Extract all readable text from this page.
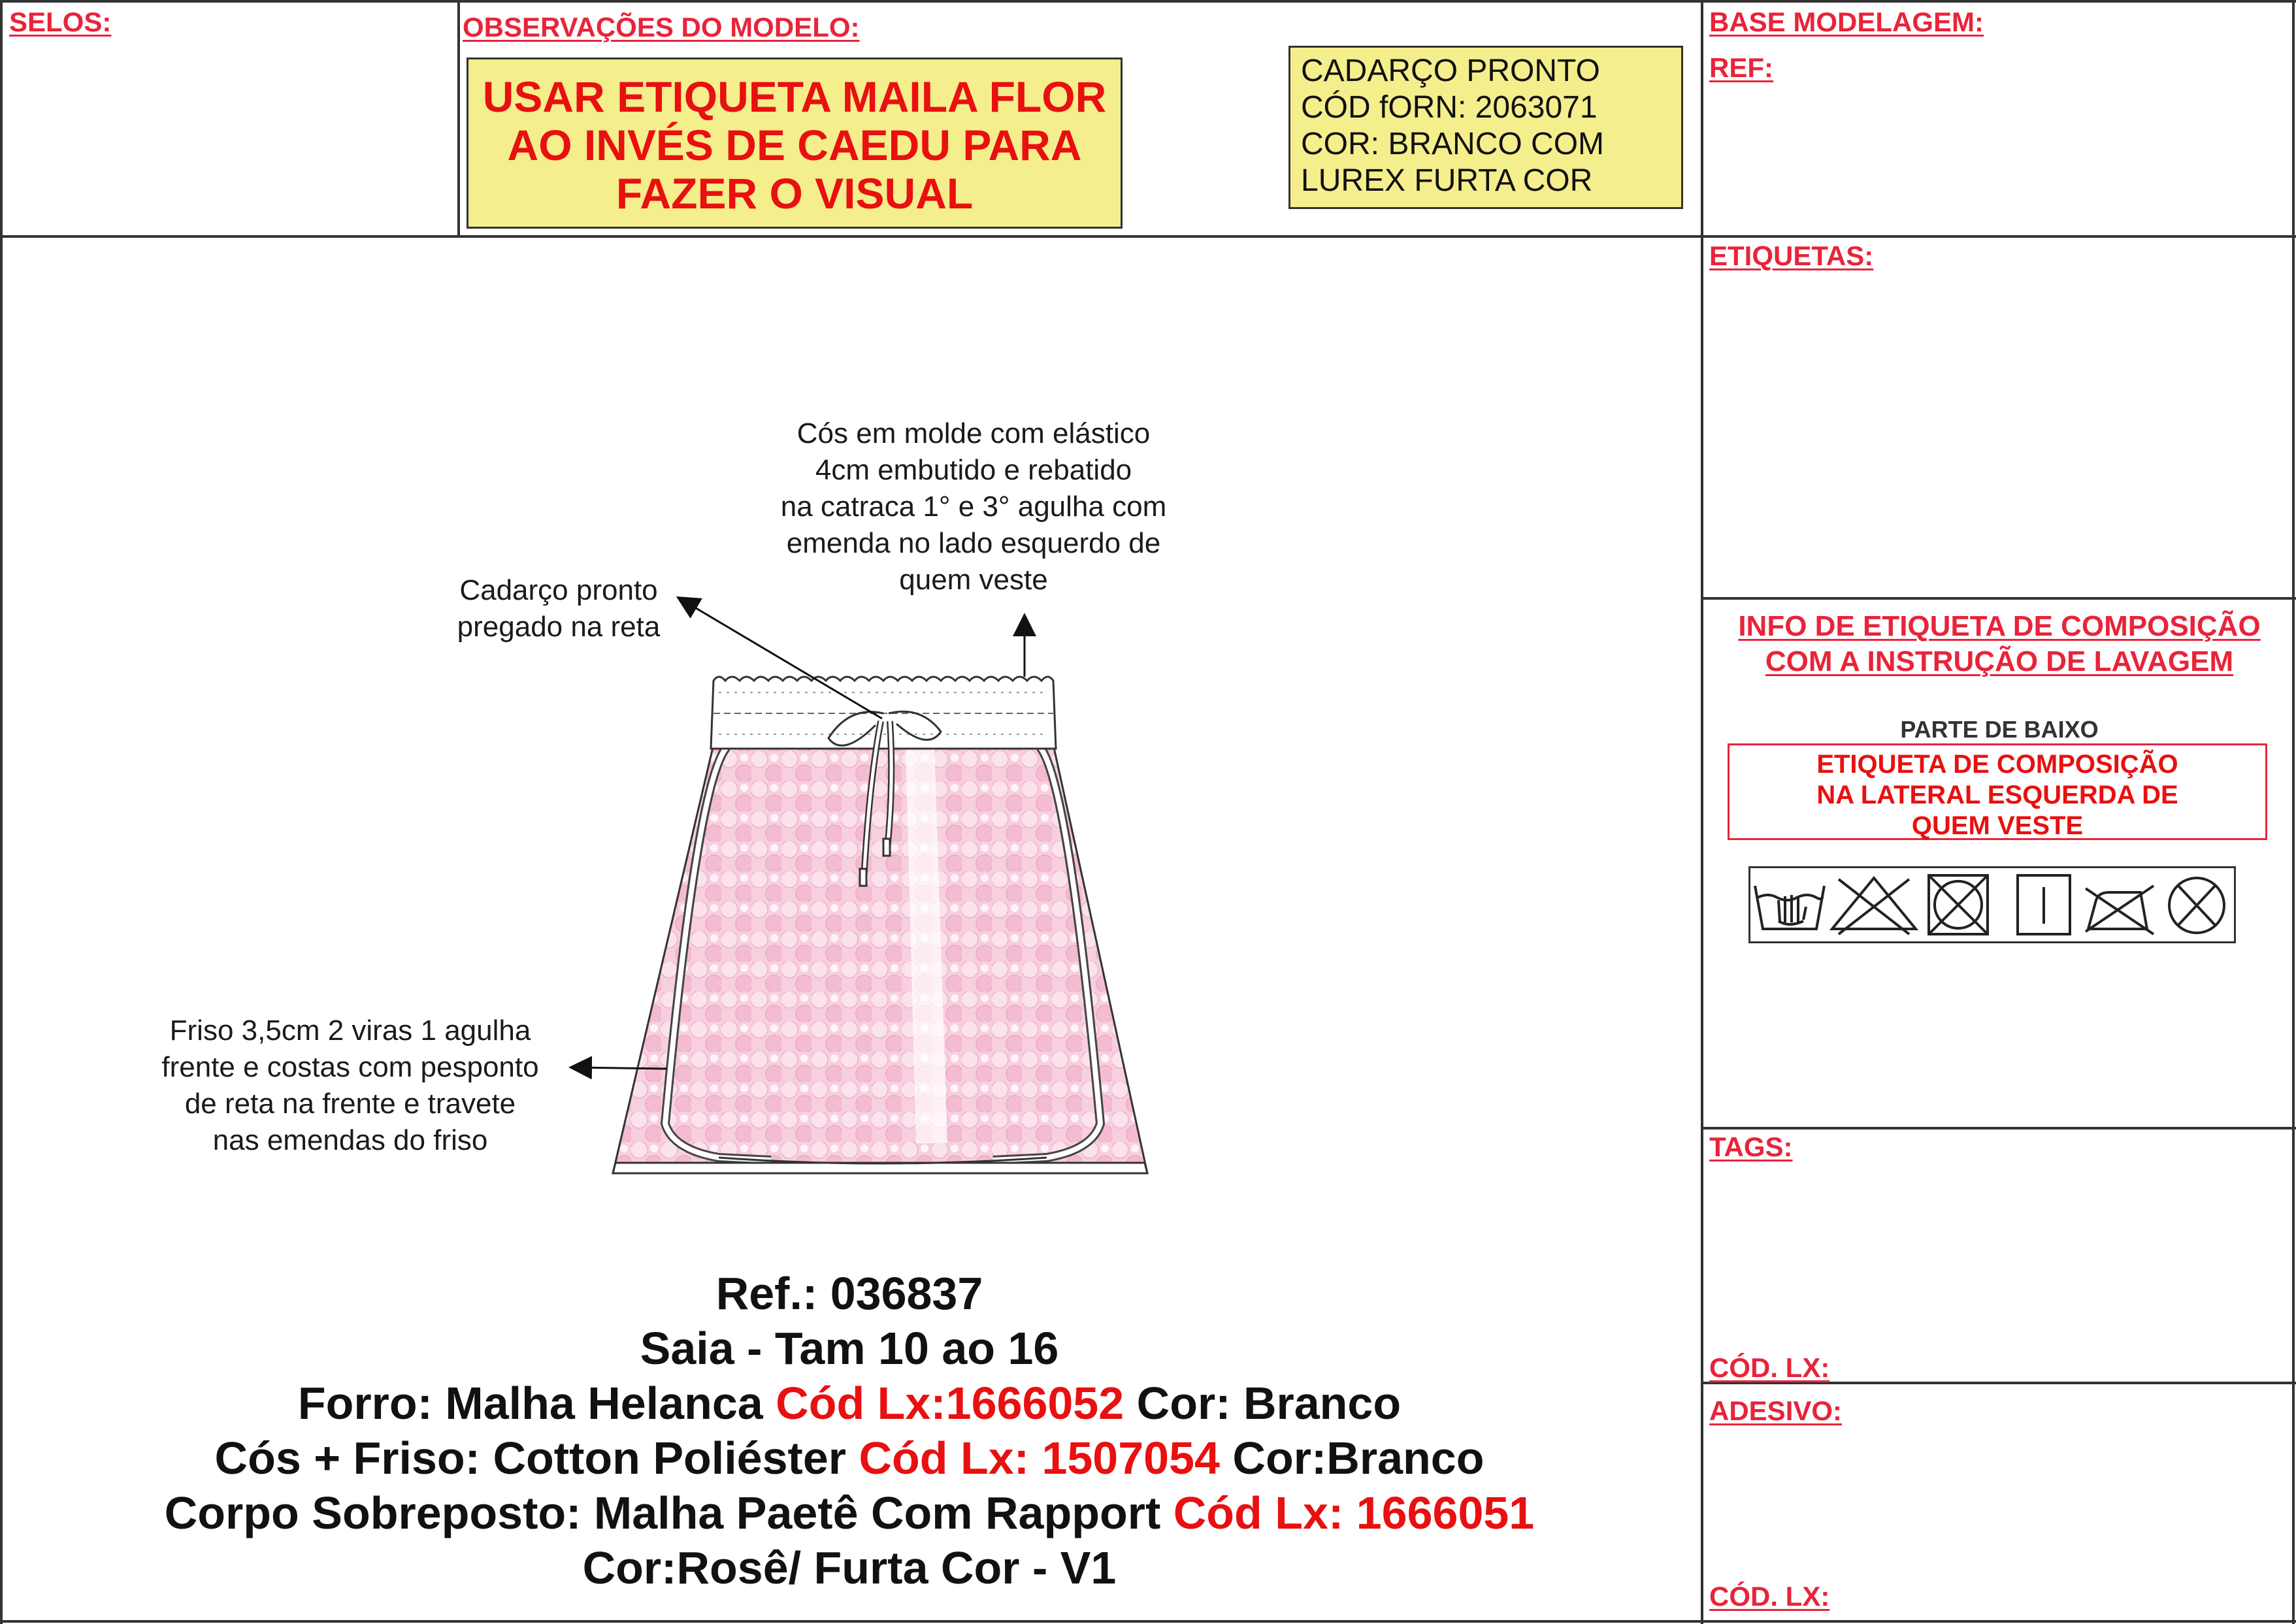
SELOS:	OBSERVAÇÕES DO MODELO:
USAR ETIQUETA MAILA FLOR
AO INVÉS DE CAEDU PARA
FAZER O VISUAL
CADARÇO PRONTO
CÓD fORN: 2063071
COR: BRANCO COM
LUREX FURTA COR
BASE MODELAGEM:
REF:
ETIQUETAS:
INFO DE ETIQUETA DE COMPOSIÇÃO
COM A INSTRUÇÃO DE LAVAGEM
PARTE DE BAIXO
ETIQUETA DE COMPOSIÇÃO
NA LATERAL ESQUERDA DE
QUEM VESTE
TAGS:
CÓD. LX:
ADESIVO:
CÓD. LX:
Cós em molde com elástico
4cm embutido e rebatido
na catraca 1° e 3° agulha com
emenda no lado esquerdo de
quem veste
Cadarço pronto
pregado na reta
Friso 3,5cm 2 viras 1 agulha
frente e costas com pesponto
de reta na frente e travete
nas emendas do friso
Ref.: 036837
Saia - Tam 10 ao 16
Forro: Malha Helanca Cód Lx:1666052 Cor: Branco
Cós + Friso: Cotton Poliéster Cód Lx: 1507054 Cor:Branco
Corpo Sobreposto: Malha Paetê Com Rapport Cód Lx: 1666051
Cor:Rosê/ Furta Cor - V1
